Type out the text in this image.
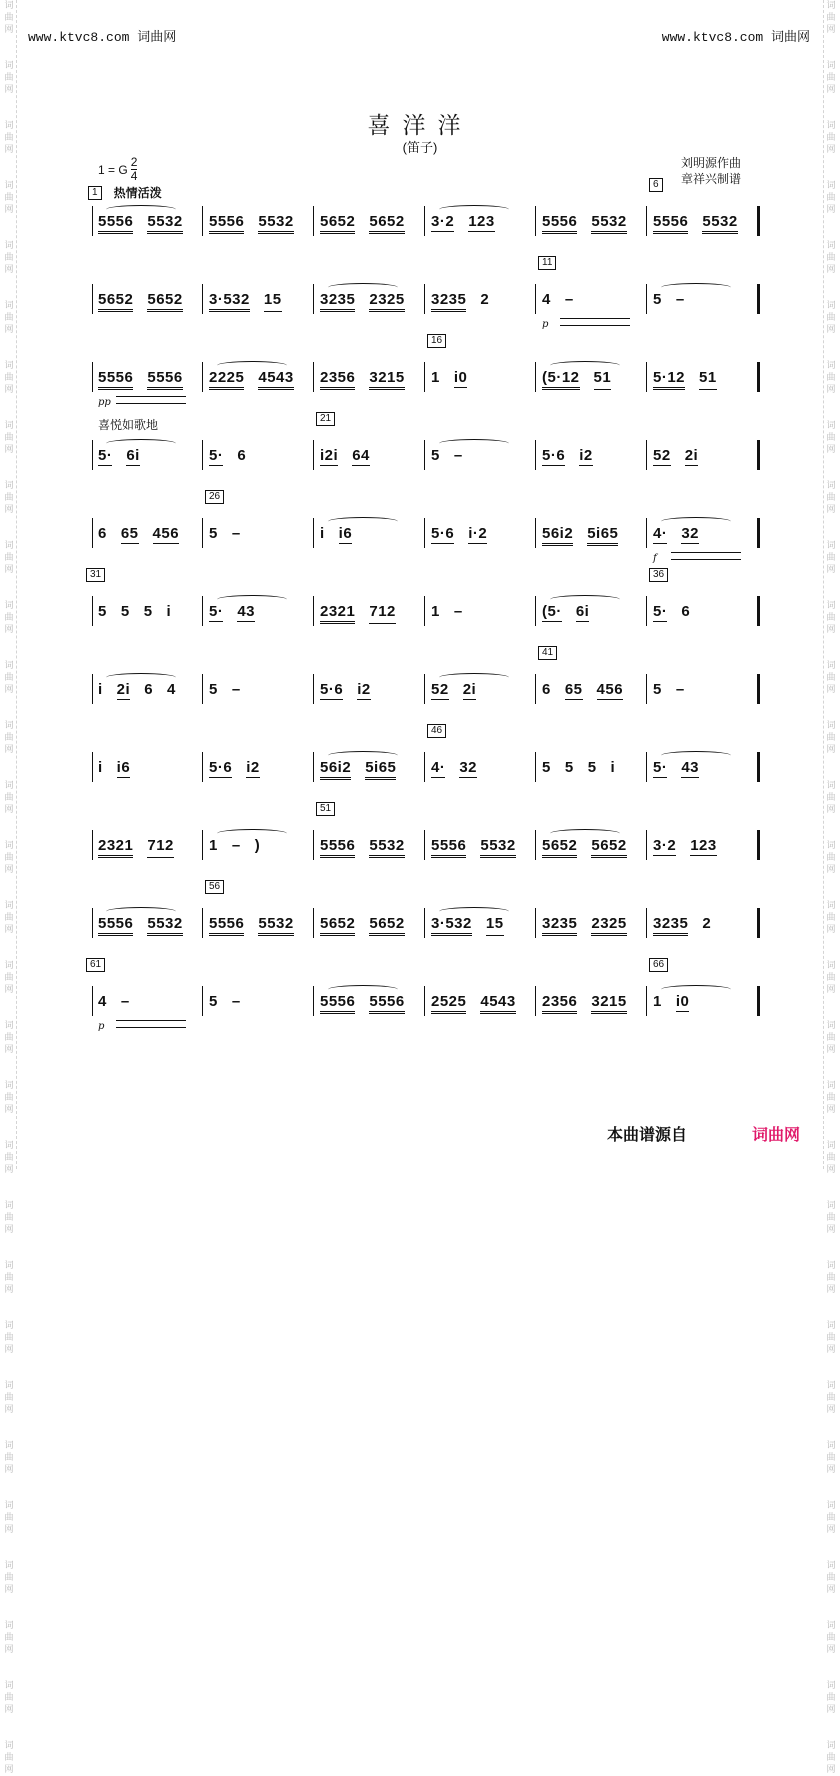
词曲网
词曲网
词曲网
词曲网
词曲网
词曲网
词曲网
词曲网
词曲网
词曲网
词曲网
词曲网
词曲网
词曲网
词曲网
词曲网
词曲网
词曲网
词曲网
词曲网
词曲网
词曲网
词曲网
词曲网
词曲网
词曲网
词曲网
词曲网
词曲网
词曲网
词曲网
词曲网
词曲网
词曲网
词曲网
词曲网
词曲网
词曲网
词曲网
词曲网
词曲网
词曲网
词曲网
词曲网
词曲网
词曲网
词曲网
词曲网
词曲网
词曲网
词曲网
词曲网
词曲网
词曲网
词曲网
词曲网
词曲网
词曲网
词曲网
词曲网
www.ktvc8.com 词曲网	www.ktvc8.com 词曲网
喜洋洋
(笛子)
1 = G $\frac{2}{4}$	刘明源作曲
章祥兴制谱
1	热情活泼
喜悦如歌地
5556 5532 5556 5532 5652 5652 3·2 123	5556 5532 5556 5532
6
5652 5652 3·532 15	3235 2325 3235 2	4 –	5 –
11
p
5556 5556 2225 4543 2356 3215 1 i0	(5·12 51	5·12 51
16
pp
5· 6i	5· 6	i2i 64	5 –	5·6 i2	52 2i
21
6 65 456 5 –	i i6	5·6 i·2	56i2 5i65 4· 32
26
f
5 5 5 i	5· 43	2321 712 1 –	(5· 6i	5· 6
31	36
i 2i 6 4 5 –	5·6 i2	52 2i	6 65 456 5 –
41
i i6	5·6 i2	56i2 5i65 4· 32	5 5 5 i	5· 43
46
2321 712 1 – )	5556 5532 5556 5532 5652 5652 3·2 123
51
5556 5532 5556 5532 5652 5652 3·532 15	3235 2325 3235 2
56
4 –	5 –	5556 5556 2525 4543 2356 3215 1 i0
61	66
p
本曲谱源自	词曲网
